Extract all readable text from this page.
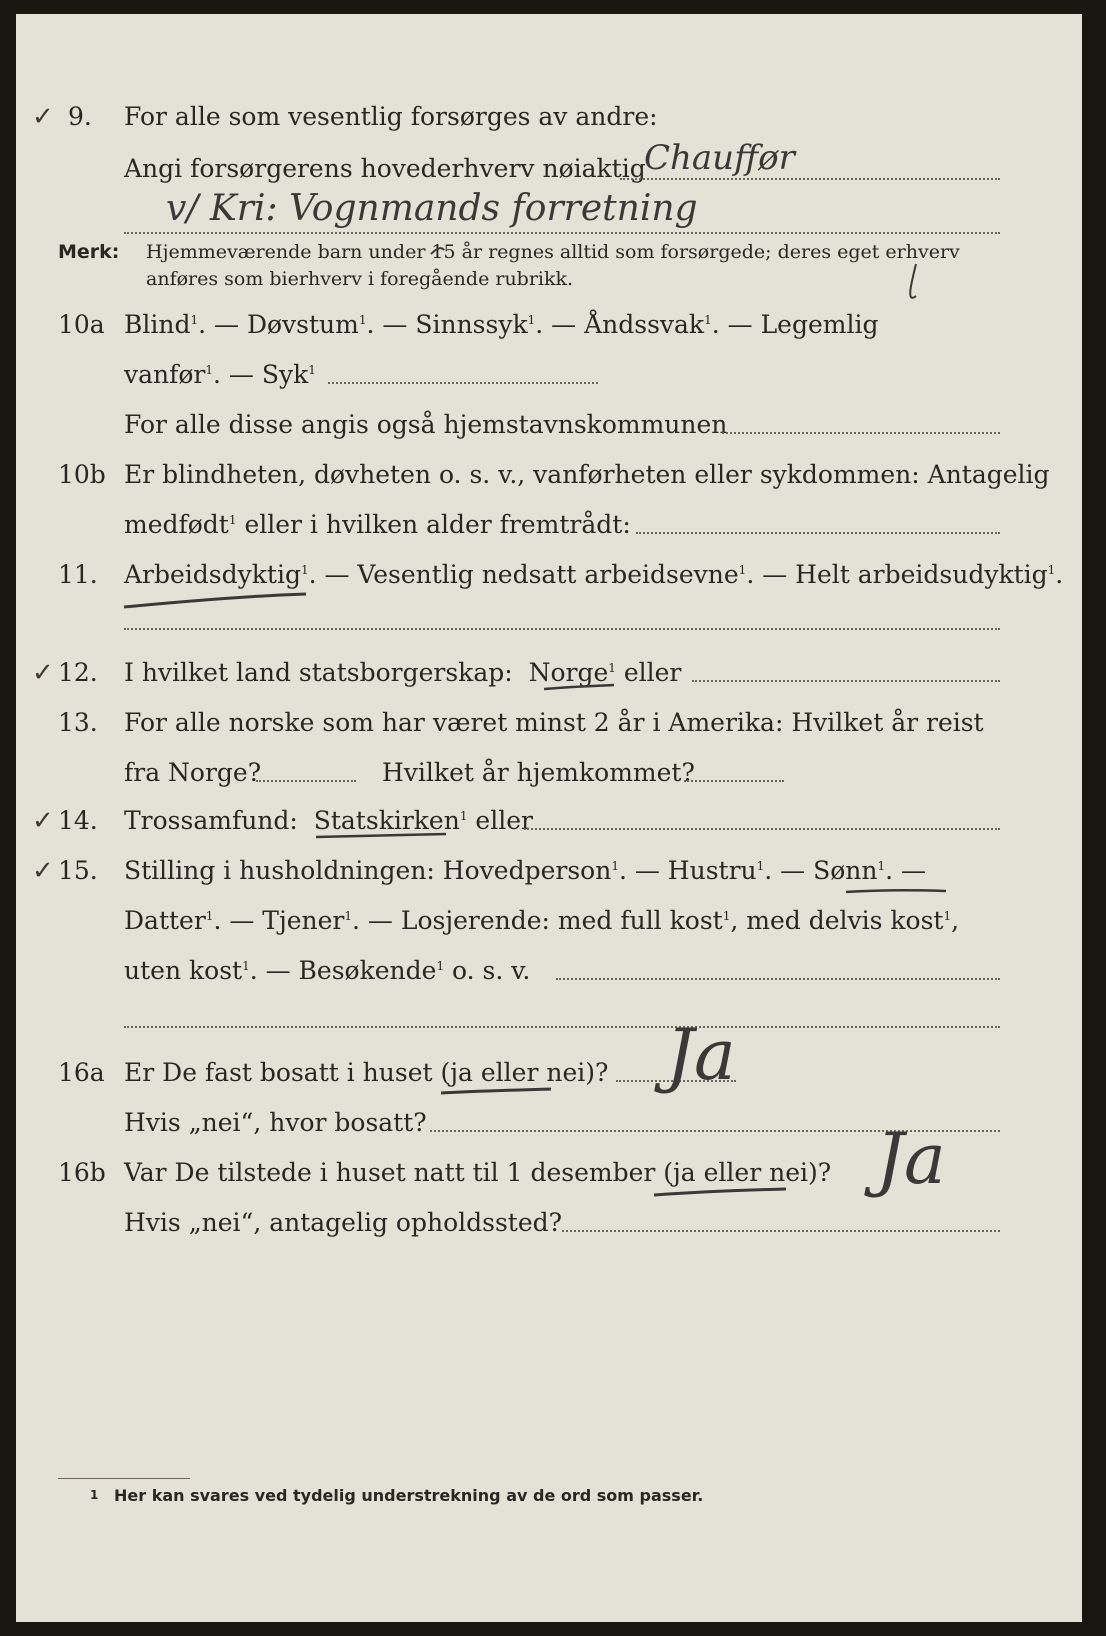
✓ 9. For alle som vesentlig forsørges av andre:
Angi forsørgerens hovederhverv nøiaktig
Chauffør
v/ Kri: Vognmands forretning
Merk: Hjemmeværende barn under 15 år regnes alltid som forsørgede; deres eget erhverv
anføres som bierhverv i foregående rubrikk.
10a Blind$^1$. — Døvstum$^1$. — Sinnssyk$^1$. — Åndssvak$^1$. — Legemlig
vanfør$^1$. — Syk$^1$
For alle disse angis også hjemstavnskommunen
10b Er blindheten, døvheten o. s. v., vanførheten eller sykdommen: Antagelig
medfødt$^1$ eller i hvilken alder fremtrådt:
11. Arbeidsdyktig$^1$. — Vesentlig nedsatt arbeidsevne$^1$. — Helt arbeidsudyktig$^1$.
✓ 12. I hvilket land statsborgerskap: Norge$^1$ eller
13. For alle norske som har været minst 2 år i Amerika: Hvilket år reist
fra Norge?	Hvilket år hjemkommet?
✓ 14. Trossamfund: Statskirken$^1$ eller
✓ 15. Stilling i husholdningen: Hovedperson$^1$. — Hustru$^1$. — Sønn$^1$. —
Datter$^1$. — Tjener$^1$. — Losjerende: med full kost$^1$, med delvis kost$^1$,
uten kost$^1$. — Besøkende$^1$ o. s. v.
16a Er De fast bosatt i huset (ja eller nei)? Ja
Hvis „nei“, hvor bosatt?
16b Var De tilstede i huset natt til 1 desember (ja eller nei)? Ja
Hvis „nei“, antagelig opholdssted?
1 Her kan svares ved tydelig understrekning av de ord som passer.
